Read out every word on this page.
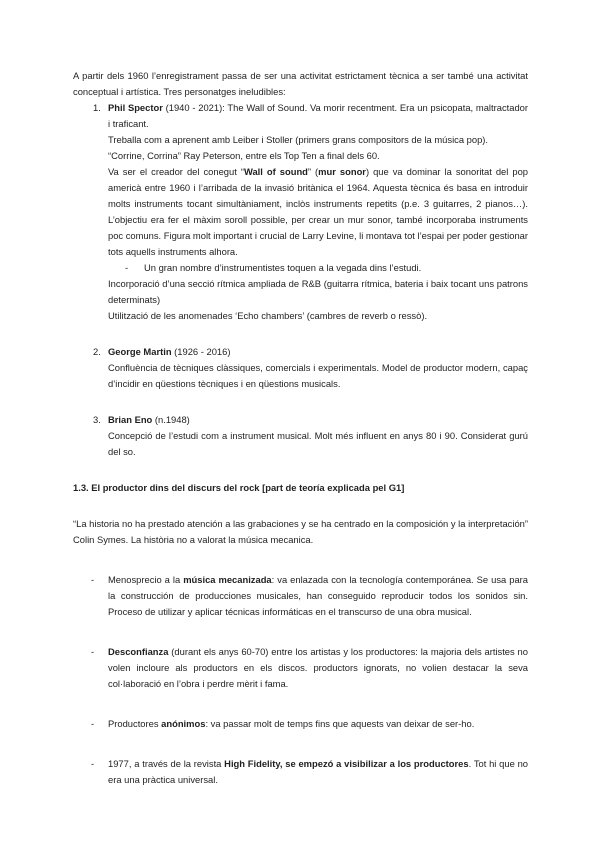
A partir dels 1960 l’enregistrament passa de ser una activitat estrictament tècnica a ser també una activitat conceptual i artística. Tres personatges ineludibles:

1. Phil Spector (1940 - 2021): The Wall of Sound. Va morir recentment. Era un psicopata, maltractador i traficant.

Treballa com a aprenent amb Leiber i Stoller (primers grans compositors de la música pop).

“Corrine, Corrina” Ray Peterson, entre els Top Ten a final dels 60.

Va ser el creador del conegut “Wall of sound” (mur sonor) que va dominar la sonoritat del pop americà entre 1960 i l’arribada de la invasió britànica el 1964. Aquesta tècnica és basa en introduir molts instruments tocant simultàniament, inclòs instruments repetits (p.e. 3 guitarres, 2 pianos…). L’objectiu era fer el màxim soroll possible, per crear un mur sonor, també incorporaba instruments poc comuns. Figura molt important i crucial de Larry Levine, li montava tot l’espai per poder gestionar tots aquells instruments alhora.

- Un gran nombre d’instrumentistes toquen a la vegada dins l’estudi.

Incorporació d’una secció rítmica ampliada de R&B (guitarra rítmica, bateria i baix tocant uns patrons determinats)

Utilització de les anomenades ‘Echo chambers’ (cambres de reverb o ressò).

2. George Martin (1926 - 2016)

Confluència de tècniques clàssiques, comercials i experimentals. Model de productor modern, capaç d’incidir en qüestions tècniques i en qüestions musicals.

3. Brian Eno (n.1948)

Concepció de l’estudi com a instrument musical. Molt més influent en anys 80 i 90. Considerat gurú del so.

1.3. El productor dins del discurs del rock [part de teoría explicada pel G1]

“La historia no ha prestado atención a las grabaciones y se ha centrado en la composición y la interpretación” Colin Symes. La història no a valorat la música mecanica.

- Menosprecio a la música mecanizada: va enlazada con la tecnología contemporánea. Se usa para la construcción de producciones musicales, han conseguido reproducir todos los sonidos sin. Proceso de utilizar y aplicar técnicas informáticas en el transcurso de una obra musical.

- Desconfianza (durant els anys 60-70) entre los artistas y los productores: la majoria dels artistes no volen incloure als productors en els discos. productors ignorats, no volien destacar la seva col·laboració en l’obra i perdre mèrit i fama.

- Productores anónimos: va passar molt de temps fins que aquests van deixar de ser-ho.

- 1977, a través de la revista High Fidelity, se empezó a visibilizar a los productores. Tot hi que no era una pràctica universal.
